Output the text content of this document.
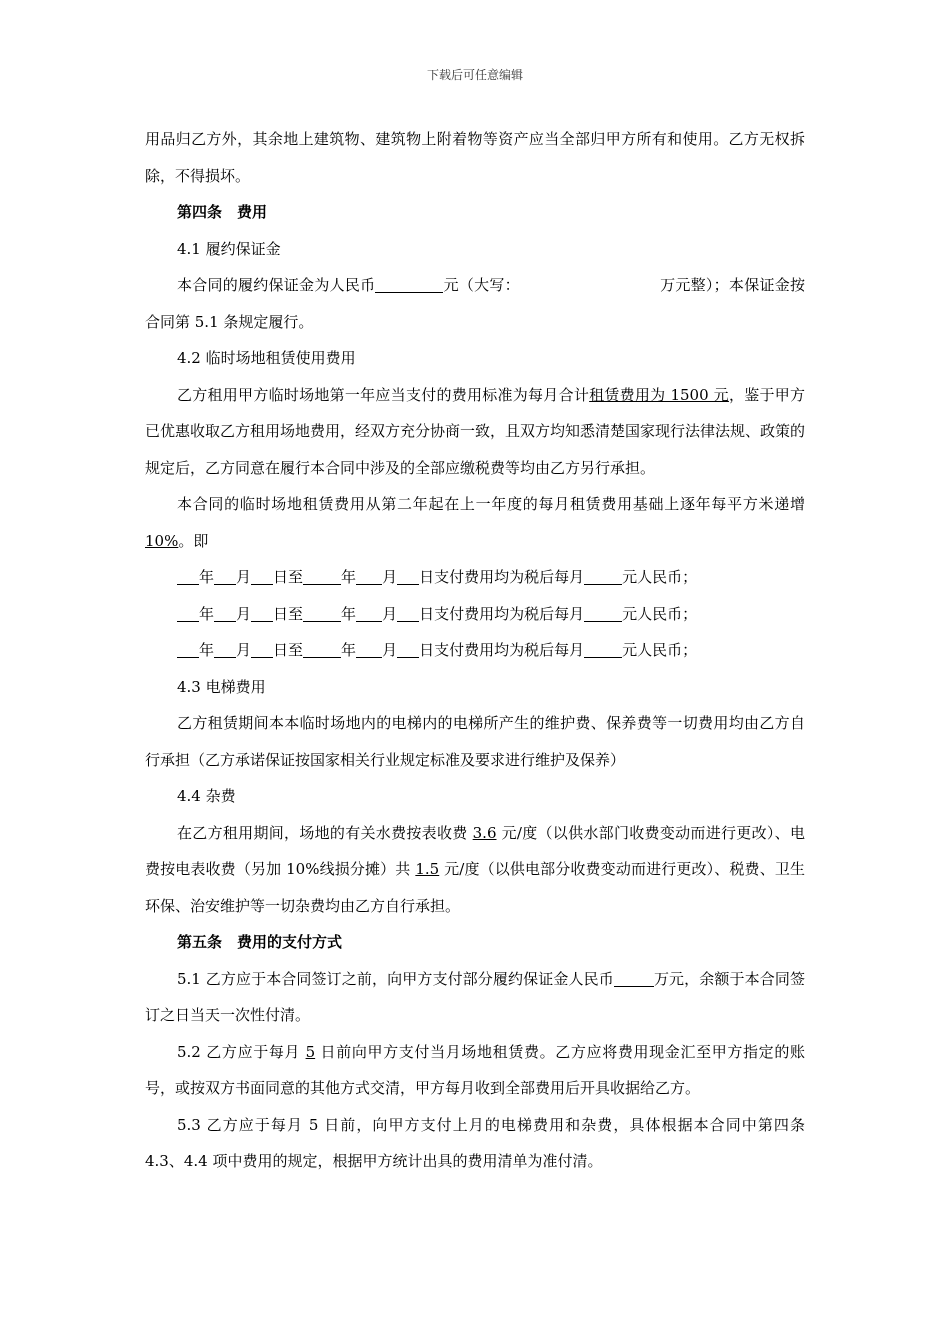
下载后可任意编辑

用品归乙方外，其余地上建筑物、建筑物上附着物等资产应当全部归甲方所有和使用。乙方无权拆除，不得损坏。

第四条　费用

4.1 履约保证金

本合同的履约保证金为人民币	元（大写：	万元整）；本保证金按合同第 5.1 条规定履行。

4.2 临时场地租赁使用费用

乙方租用甲方临时场地第一年应当支付的费用标准为每月合计租赁费用为 1500 元，鉴于甲方已优惠收取乙方租用场地费用，经双方充分协商一致，且双方均知悉清楚国家现行法律法规、政策的规定后，乙方同意在履行本合同中涉及的全部应缴税费等均由乙方另行承担。

本合同的临时场地租赁费用从第二年起在上一年度的每月租赁费用基础上逐年每平方米递增10%。即

年 月 日至	年 月 日支付费用均为税后每月	元人民币；

年 月 日至	年 月 日支付费用均为税后每月	元人民币；

年 月 日至	年 月 日支付费用均为税后每月	元人民币；

4.3 电梯费用

乙方租赁期间本本临时场地内的电梯内的电梯所产生的维护费、保养费等一切费用均由乙方自行承担（乙方承诺保证按国家相关行业规定标准及要求进行维护及保养）

4.4 杂费

在乙方租用期间，场地的有关水费按表收费 3.6 元/度（以供水部门收费变动而进行更改）、电费按电表收费（另加 10%线损分摊）共 1.5 元/度（以供电部分收费变动而进行更改）、税费、卫生环保、治安维护等一切杂费均由乙方自行承担。

第五条　费用的支付方式

5.1 乙方应于本合同签订之前，向甲方支付部分履约保证金人民币	万元，余额于本合同签订之日当天一次性付清。

5.2 乙方应于每月 5 日前向甲方支付当月场地租赁费。乙方应将费用现金汇至甲方指定的账号，或按双方书面同意的其他方式交清，甲方每月收到全部费用后开具收据给乙方。

5.3 乙方应于每月 5 日前，向甲方支付上月的电梯费用和杂费，具体根据本合同中第四条 4.3、4.4 项中费用的规定，根据甲方统计出具的费用清单为准付清。
